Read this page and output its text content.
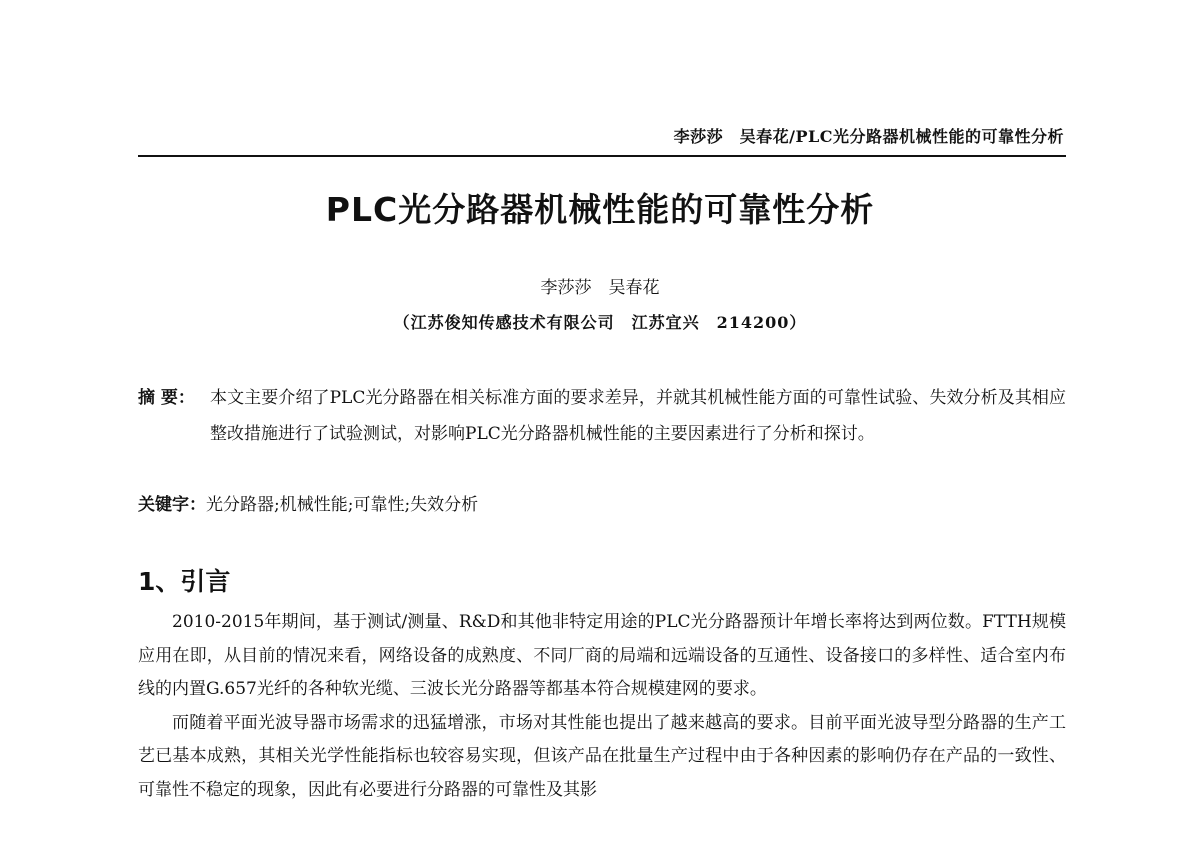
李莎莎　吴春花/PLC光分路器机械性能的可靠性分析
PLC光分路器机械性能的可靠性分析
李莎莎　吴春花
（江苏俊知传感技术有限公司　江苏宜兴　214200）
摘 要： 本文主要介绍了PLC光分路器在相关标准方面的要求差异，并就其机械性能方面的可靠性试验、失效分析及其相应整改措施进行了试验测试，对影响PLC光分路器机械性能的主要因素进行了分析和探讨。
关键字：光分路器;机械性能;可靠性;失效分析
1、引言

2010-2015年期间，基于测试/测量、R&D和其他非特定用途的PLC光分路器预计年增长率将达到两位数。FTTH规模应用在即，从目前的情况来看，网络设备的成熟度、不同厂商的局端和远端设备的互通性、设备接口的多样性、适合室内布线的内置G.657光纤的各种软光缆、三波长光分路器等都基本符合规模建网的要求。

而随着平面光波导器市场需求的迅猛增涨，市场对其性能也提出了越来越高的要求。目前平面光波导型分路器的生产工艺已基本成熟，其相关光学性能指标也较容易实现，但该产品在批量生产过程中由于各种因素的影响仍存在产品的一致性、可靠性不稳定的现象，因此有必要进行分路器的可靠性及其影
